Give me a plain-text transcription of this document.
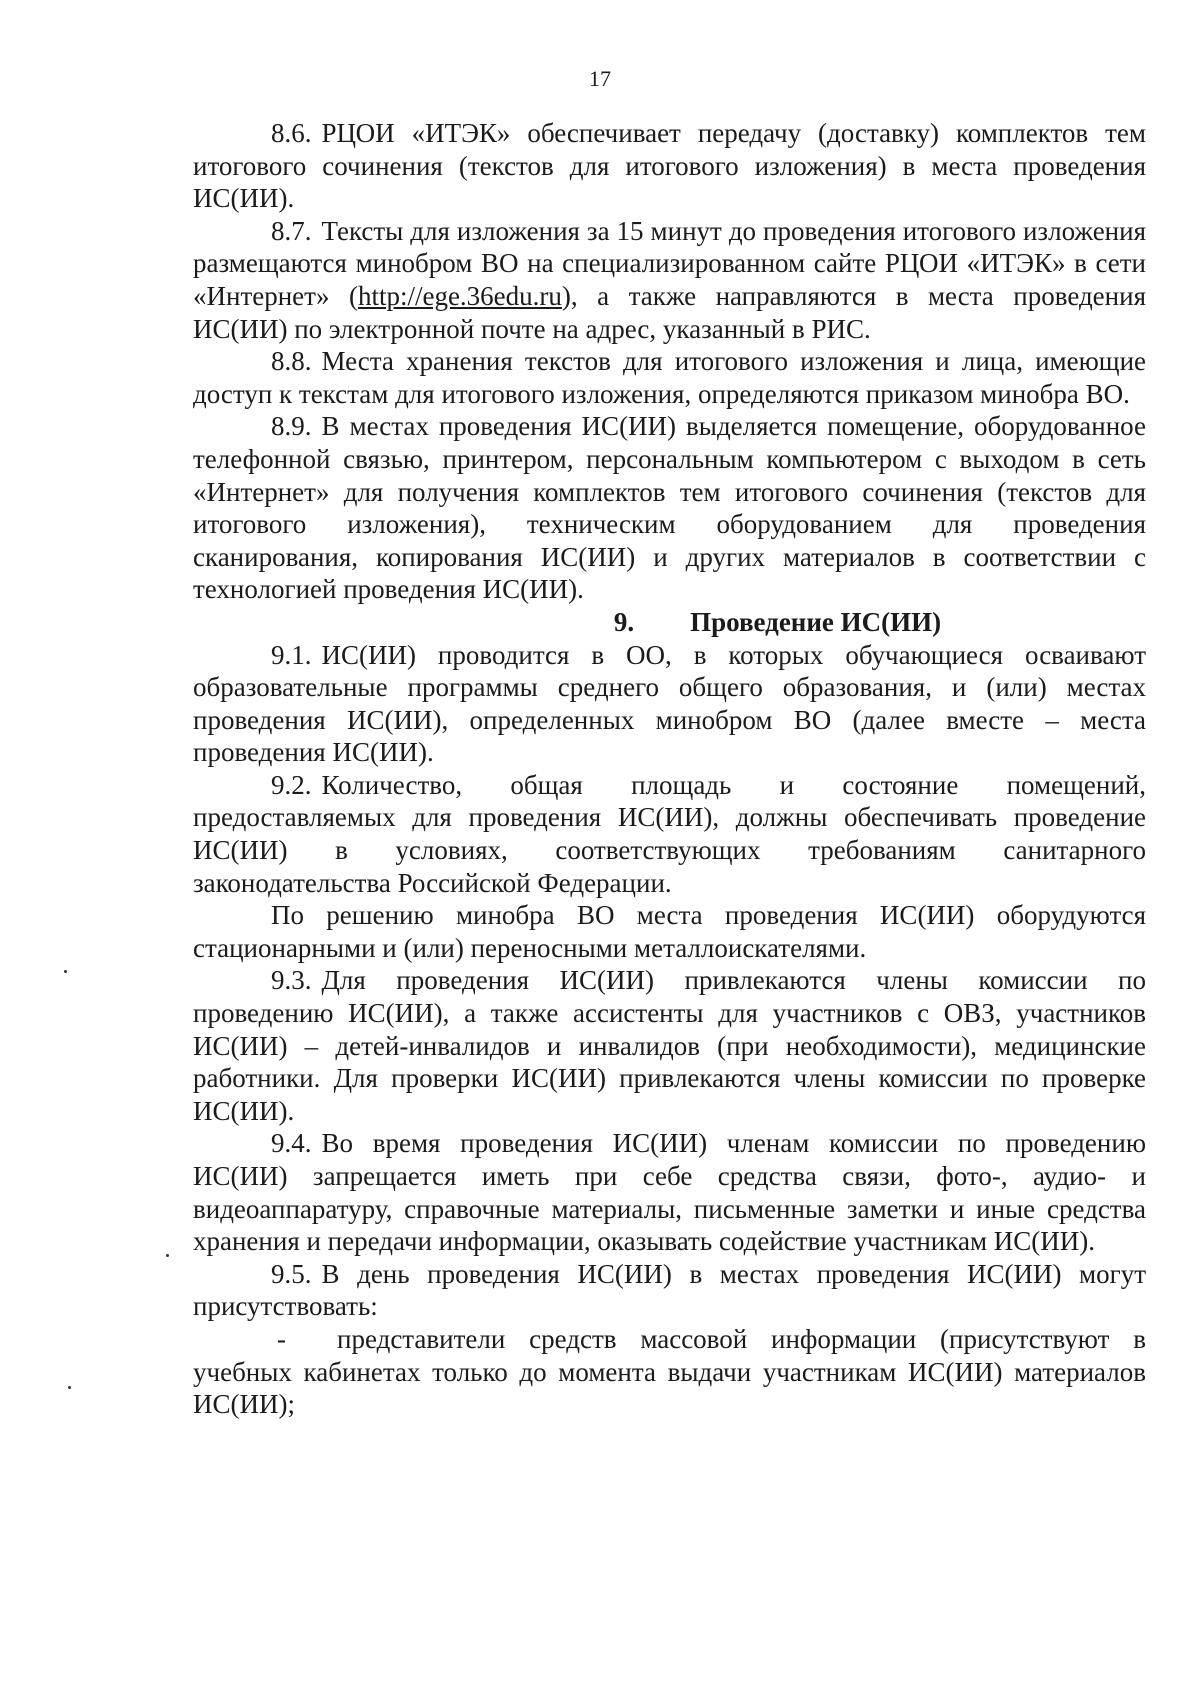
17

8.6. РЦОИ «ИТЭК» обеспечивает передачу (доставку) комплектов тем итогового сочинения (текстов для итогового изложения) в места проведения ИС(ИИ).

8.7. Тексты для изложения за 15 минут до проведения итогового изложения размещаются минобром ВО на специализированном сайте РЦОИ «ИТЭК» в сети «Интернет» (http://ege.36edu.ru), а также направляются в места проведения ИС(ИИ) по электронной почте на адрес, указанный в РИС.

8.8. Места хранения текстов для итогового изложения и лица, имеющие доступ к текстам для итогового изложения, определяются приказом минобра ВО.

8.9. В местах проведения ИС(ИИ) выделяется помещение, оборудованное телефонной связью, принтером, персональным компьютером с выходом в сеть «Интернет» для получения комплектов тем итогового сочинения (текстов для итогового изложения), техническим оборудованием для проведения сканирования, копирования ИС(ИИ) и других материалов в соответствии с технологией проведения ИС(ИИ).

9. Проведение ИС(ИИ)

9.1. ИС(ИИ) проводится в ОО, в которых обучающиеся осваивают образовательные программы среднего общего образования, и (или) местах проведения ИС(ИИ), определенных минобром ВО (далее вместе – места проведения ИС(ИИ).

9.2. Количество, общая площадь и состояние помещений, предоставляемых для проведения ИС(ИИ), должны обеспечивать проведение ИС(ИИ) в условиях, соответствующих требованиям санитарного законодательства Российской Федерации.

По решению минобра ВО места проведения ИС(ИИ) оборудуются стационарными и (или) переносными металлоискателями.

9.3. Для проведения ИС(ИИ) привлекаются члены комиссии по проведению ИС(ИИ), а также ассистенты для участников с ОВЗ, участников ИС(ИИ) – детей-инвалидов и инвалидов (при необходимости), медицинские работники. Для проверки ИС(ИИ) привлекаются члены комиссии по проверке ИС(ИИ).

9.4. Во время проведения ИС(ИИ) членам комиссии по проведению ИС(ИИ) запрещается иметь при себе средства связи, фото-, аудио- и видеоаппаратуру, справочные материалы, письменные заметки и иные средства хранения и передачи информации, оказывать содействие участникам ИС(ИИ).

9.5. В день проведения ИС(ИИ) в местах проведения ИС(ИИ) могут присутствовать:

- представители средств массовой информации (присутствуют в учебных кабинетах только до момента выдачи участникам ИС(ИИ) материалов ИС(ИИ);
